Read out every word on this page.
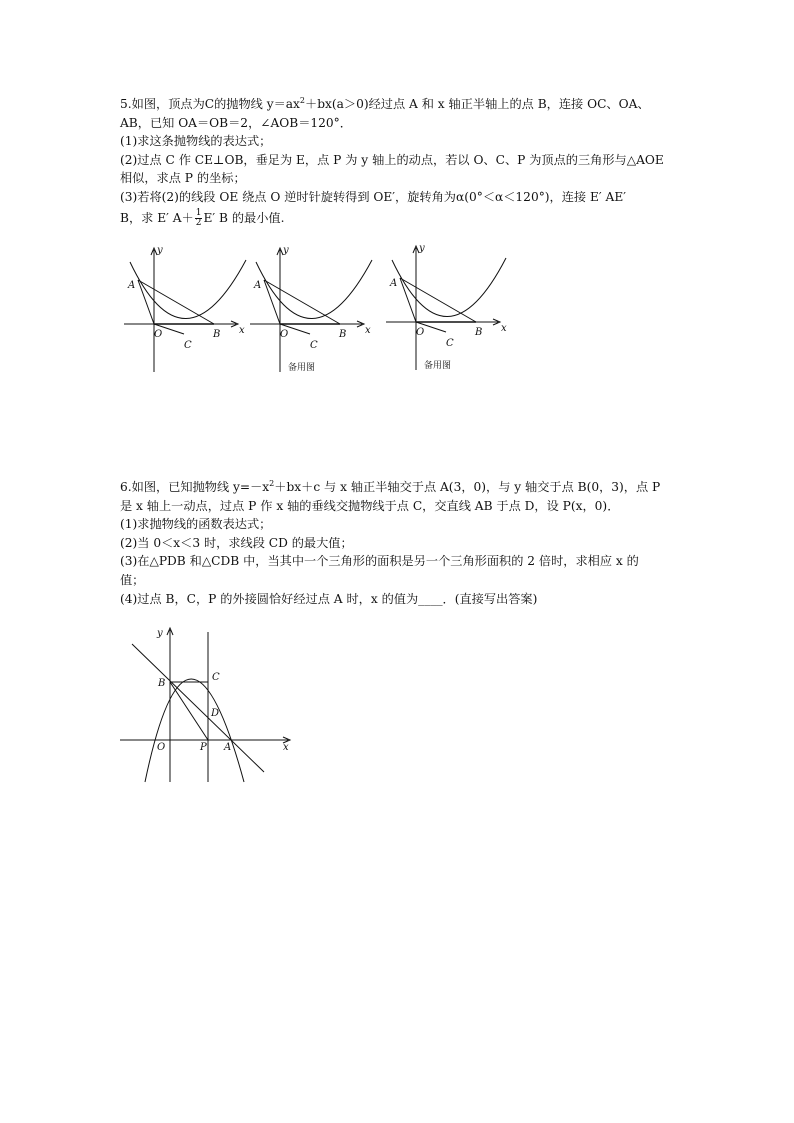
5.如图，顶点为C的抛物线 $y=ax^2+bx(a>0)$经过点 A 和 x 轴正半轴上的点 B，连接 OC、OA、
AB，已知 OA＝OB＝2，∠AOB＝120°．
(1)求这条抛物线的表达式；
(2)过点 C 作 CE⊥OB，垂足为 E，点 P 为 y 轴上的动点，若以 O、C、P 为顶点的三角形与△AOE
相似，求点 P 的坐标；
(3)若将(2)的线段 OE 绕点 O 逆时针旋转得到 OE′，旋转角为α(0°＜α＜120°)，连接 E′ AE′
B，求 E′ $A+ \frac{1}{2} E'$ B 的最小值.
y
x
A
O	B
C
y
x
A
O	B
C
备用图
y
x
A
O	B
C
备用图
6.如图，已知抛物线 $y=-x^2+bx+c$ 与 x 轴正半轴交于点 A(3，0)，与 y 轴交于点 B(0，3)，点 P
是 x 轴上一动点，过点 P 作 x 轴的垂线交抛物线于点 C，交直线 AB 于点 D，设 P(x，0)．
(1)求抛物线的函数表达式；
(2)当 0＜x＜3 时，求线段 CD 的最大值；
(3)在△PDB 和△CDB 中，当其中一个三角形的面积是另一个三角形面积的 2 倍时，求相应 x 的
值；
(4)过点 B，C，P 的外接圆恰好经过点 A 时，x 的值为____．(直接写出答案)
y
x
B
C
D
O	P A
